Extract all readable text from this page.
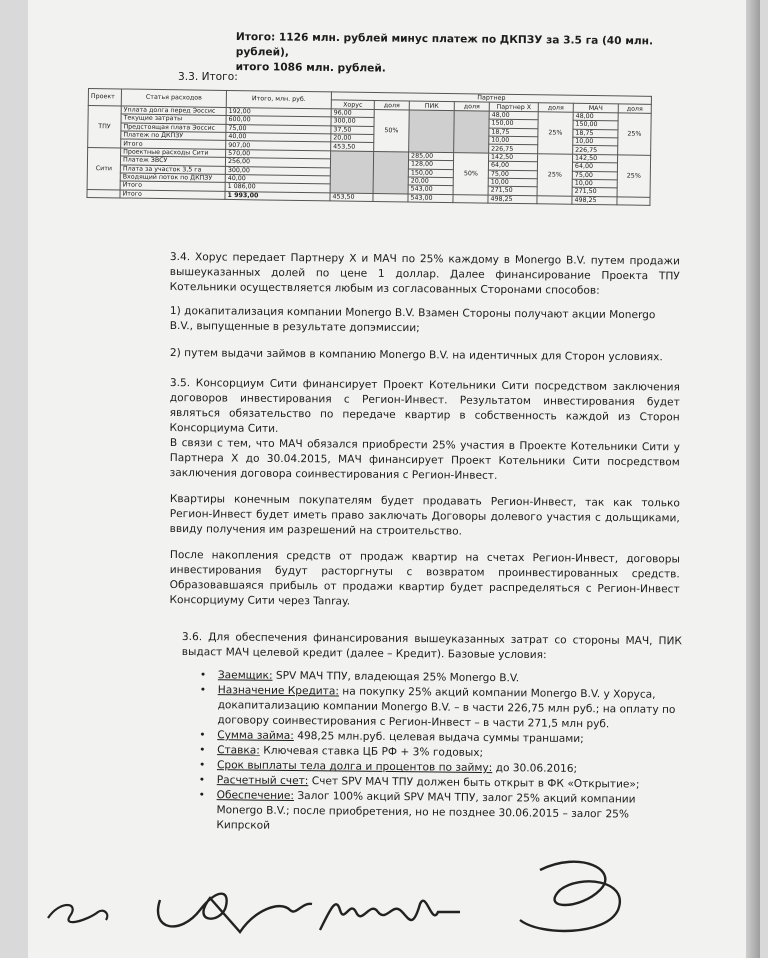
Итого: 1126 млн. рублей минус платеж по ДКПЗУ за 3.5 га (40 млн. рублей),
итого 1086 млн. рублей.
3.3. Итого:
Проект	Статья расходов	Итого, млн. руб.	Партнер							
			Хорус	доля	ПИК	доля	Партнер Х	доля	МАЧ	доля
ТПУ	Уплата долга перед Эоссис	192,00	96,00	50%			48,00	25%	48,00	25%
	Текущие затраты	600,00	300,00				150,00		150,00	
	Предстоящая плата Эоссис	75,00	37,50				18,75		18,75	
	Платеж по ДКПЗУ	40,00	20,00				10,00		10,00	
	Итого	907,00	453,50				226,75		226,75	
Сити	Проектные расходы Сити	570,00			285,00	50%	142,50	25%	142,50	25%
	Платеж ЗВСУ	256,00			128,00		64,00		64,00	
	Плата за участок 3,5 га	300,00			150,00		75,00		75,00	
	Входящий поток по ДКПЗУ	40,00			20,00		10,00		10,00	
	Итого	1 086,00			543,00		271,50		271,50	
	Итого	1 993,00	453,50		543,00		498,25		498,25	

3.4. Хорус передает Партнеру Х и МАЧ по 25% каждому в Monergo B.V. путем продажи вышеуказанных долей по цене 1 доллар. Далее финансирование Проекта ТПУ Котельники осуществляется любым из согласованных Сторонами способов:

1) докапитализация компании Monergo B.V. Взамен Стороны получают акции Monergo B.V., выпущенные в результате допэмиссии;

2) путем выдачи займов в компанию Monergo B.V. на идентичных для Сторон условиях.

3.5. Консорциум Сити финансирует Проект Котельники Сити посредством заключения договоров инвестирования с Регион-Инвест. Результатом инвестирования будет являться обязательство по передаче квартир в собственность каждой из Сторон Консорциума Сити.

В связи с тем, что МАЧ обязался приобрести 25% участия в Проекте Котельники Сити у Партнера Х до 30.04.2015, МАЧ финансирует Проект Котельники Сити посредством заключения договора соинвестирования с Регион-Инвест.

Квартиры конечным покупателям будет продавать Регион-Инвест, так как только Регион-Инвест будет иметь право заключать Договоры долевого участия с дольщиками, ввиду получения им разрешений на строительство.

После накопления средств от продаж квартир на счетах Регион-Инвест, договоры инвестирования будут расторгнуты с возвратом проинвестированных средств. Образовавшаяся прибыль от продажи квартир будет распределяться с Регион-Инвест Консорциуму Сити через Tanray.

3.6. Для обеспечения финансирования вышеуказанных затрат со стороны МАЧ, ПИК выдаст МАЧ целевой кредит (далее – Кредит). Базовые условия:

• Заемщик: SPV МАЧ ТПУ, владеющая 25% Monergo B.V.
• Назначение Кредита: на покупку 25% акций компании Monergo B.V. у Хоруса, докапитализацию компании Monergo B.V. – в части 226,75 млн руб.; на оплату по договору соинвестирования с Регион-Инвест – в части 271,5 млн руб.
• Сумма займа: 498,25 млн.руб. целевая выдача суммы траншами;
• Ставка: Ключевая ставка ЦБ РФ + 3% годовых;
• Срок выплаты тела долга и процентов по займу: до 30.06.2016;
• Расчетный счет: Счет SPV МАЧ ТПУ должен быть открыт в ФК «Открытие»;
• Обеспечение: Залог 100% акций SPV МАЧ ТПУ, залог 25% акций компании Monergo B.V.; после приобретения, но не позднее 30.06.2015 – залог 25% Кипрской
